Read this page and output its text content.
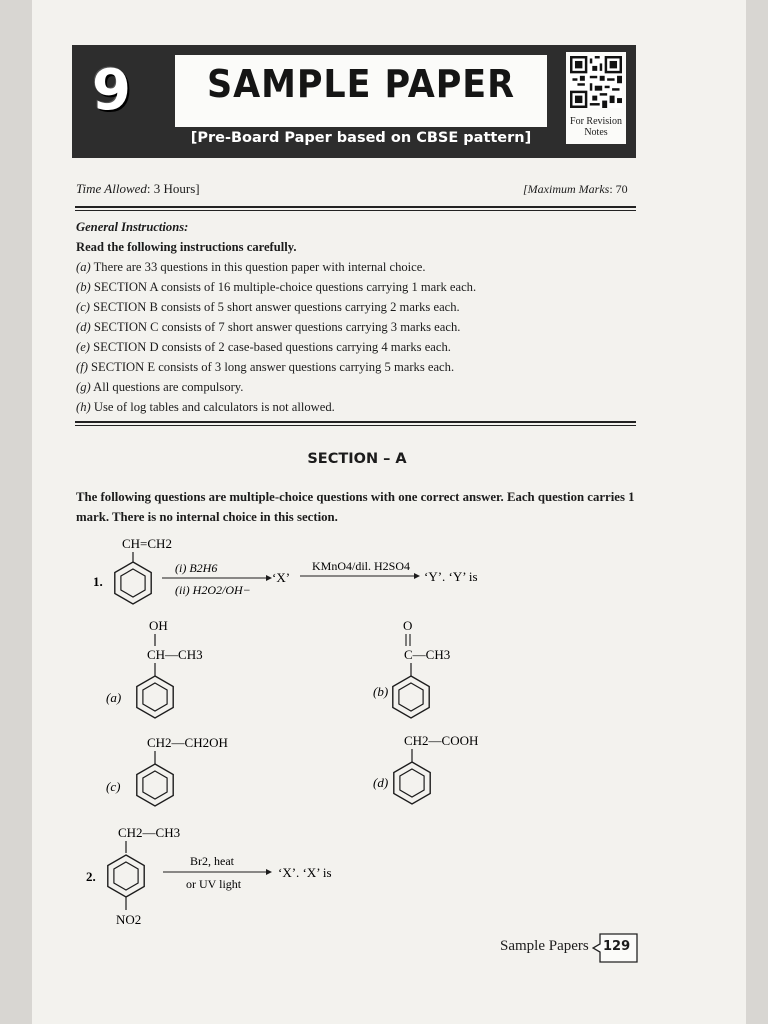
9	SAMPLE PAPER
[Pre-Board Paper based on CBSE pattern]
For Revision Notes
Time Allowed: 3 Hours]	[Maximum Marks: 70
General Instructions:
Read the following instructions carefully.
(a) There are 33 questions in this question paper with internal choice.
(b) SECTION A consists of 16 multiple-choice questions carrying 1 mark each.
(c) SECTION B consists of 5 short answer questions carrying 2 marks each.
(d) SECTION C consists of 7 short answer questions carrying 3 marks each.
(e) SECTION D consists of 2 case-based questions carrying 4 marks each.
(f) SECTION E consists of 3 long answer questions carrying 5 marks each.
(g) All questions are compulsory.
(h) Use of log tables and calculators is not allowed.
SECTION – A
The following questions are multiple-choice questions with one correct answer. Each question carries 1 mark. There is no internal choice in this section.
1.
CH=CH2
(i) B2H6
(ii) H2O2/OH−
‘X’
KMnO4/dil. H2SO4
‘Y’. ‘Y’ is
OH
CH—CH3
(a)
O
C—CH3
(b)
CH2—CH2OH
(c)
CH2—COOH
(d)
CH2—CH3
NO2
2.
Br2, heat
or UV light
‘X’. ‘X’ is
Sample Papers 129
